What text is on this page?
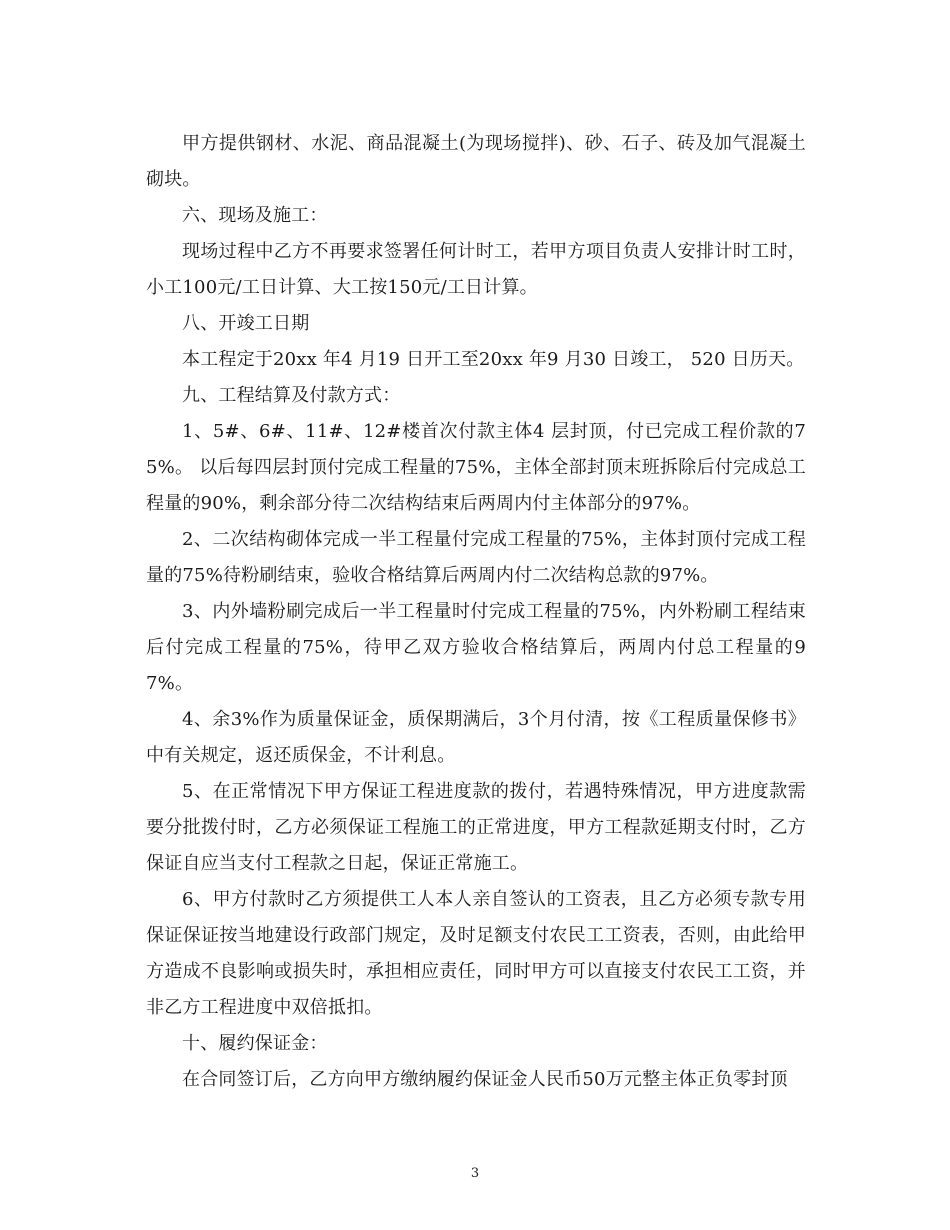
甲方提供钢材、水泥、商品混凝土(为现场搅拌)、砂、石子、砖及加气混凝土砌块。

六、现场及施工：

现场过程中乙方不再要求签署任何计时工，若甲方项目负责人安排计时工时，小工100元/工日计算、大工按150元/工日计算。

八、开竣工日期

本工程定于20xx 年4 月19 日开工至20xx 年9 月30 日竣工， 520 日历天。

九、工程结算及付款方式：

1、5#、6#、11#、12#楼首次付款主体4 层封顶，付已完成工程价款的75%。 以后每四层封顶付完成工程量的75%，主体全部封顶末班拆除后付完成总工程量的90%，剩余部分待二次结构结束后两周内付主体部分的97%。

2、二次结构砌体完成一半工程量付完成工程量的75%，主体封顶付完成工程量的75%待粉刷结束，验收合格结算后两周内付二次结构总款的97%。

3、内外墙粉刷完成后一半工程量时付完成工程量的75%，内外粉刷工程结束后付完成工程量的75%，待甲乙双方验收合格结算后，两周内付总工程量的97%。

4、余3%作为质量保证金，质保期满后，3个月付清，按《工程质量保修书》中有关规定，返还质保金，不计利息。

5、在正常情况下甲方保证工程进度款的拨付，若遇特殊情况，甲方进度款需要分批拨付时，乙方必须保证工程施工的正常进度，甲方工程款延期支付时，乙方保证自应当支付工程款之日起，保证正常施工。

6、甲方付款时乙方须提供工人本人亲自签认的工资表，且乙方必须专款专用保证保证按当地建设行政部门规定，及时足额支付农民工工资表，否则，由此给甲方造成不良影响或损失时，承担相应责任，同时甲方可以直接支付农民工工资，并非乙方工程进度中双倍抵扣。

十、履约保证金：

在合同签订后，乙方向甲方缴纳履约保证金人民币50万元整主体正负零封顶

3
